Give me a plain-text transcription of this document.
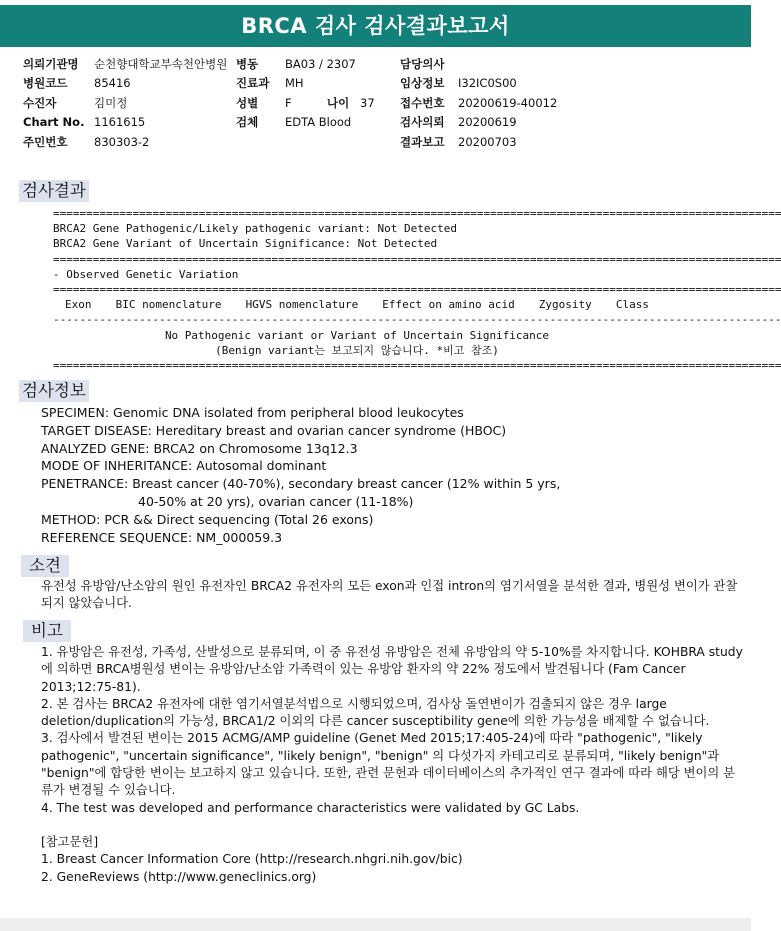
BRCA 검사 검사결과보고서
의뢰기관명 순천향대학교부속천안병원
병원코드 85416
수진자	김미정
Chart No. 1161615
주민번호 830303-2
병동 BA03 / 2307
진료과 MH
성별 F	나이 37
검체 EDTA Blood
담당의사
임상정보 I32IC0S00
접수번호 20200619-40012
검사의뢰 20200619
결과보고 20200703
검사결과
==============================================================================================================
BRCA2 Gene Pathogenic/Likely pathogenic variant: Not Detected
BRCA2 Gene Variant of Uncertain Significance: Not Detected
==============================================================================================================
- Observed Genetic Variation
==============================================================================================================
Exon BIC nomenclature HGVS nomenclature Effect on amino acid Zygosity Class
--------------------------------------------------------------------------------------------------------------
No Pathogenic variant or Variant of Uncertain Significance
(Benign variant는 보고되지 않습니다. *비고 참조)
==============================================================================================================
검사정보
SPECIMEN: Genomic DNA isolated from peripheral blood leukocytes
TARGET DISEASE: Hereditary breast and ovarian cancer syndrome (HBOC)
ANALYZED GENE: BRCA2 on Chromosome 13q12.3
MODE OF INHERITANCE: Autosomal dominant
PENETRANCE: Breast cancer (40-70%), secondary breast cancer (12% within 5 yrs,
40-50% at 20 yrs), ovarian cancer (11-18%)
METHOD: PCR && Direct sequencing (Total 26 exons)
REFERENCE SEQUENCE: NM_000059.3
소견
유전성 유방암/난소암의 원인 유전자인 BRCA2 유전자의 모든 exon과 인접 intron의 염기서열을 분석한 결과, 병원성 변이가 관찰되지 않았습니다.
비고
1. 유방암은 유전성, 가족성, 산발성으로 분류되며, 이 중 유전성 유방암은 전체 유방암의 약 5-10%를 차지합니다. KOHBRA study에 의하면 BRCA병원성 변이는 유방암/난소암 가족력이 있는 유방암 환자의 약 22% 정도에서 발견됩니다 (Fam Cancer 2013;12:75-81).
2. 본 검사는 BRCA2 유전자에 대한 염기서열분석법으로 시행되었으며, 검사상 돌연변이가 검출되지 않은 경우 large deletion/duplication의 가능성, BRCA1/2 이외의 다른 cancer susceptibility gene에 의한 가능성을 배제할 수 없습니다.
3. 검사에서 발견된 변이는 2015 ACMG/AMP guideline (Genet Med 2015;17:405-24)에 따라 "pathogenic", "likely pathogenic", "uncertain significance", "likely benign", "benign" 의 다섯가지 카테고리로 분류되며, "likely benign"과 "benign"에 합당한 변이는 보고하지 않고 있습니다. 또한, 관련 문헌과 데이터베이스의 추가적인 연구 결과에 따라 해당 변이의 분류가 변경될 수 있습니다.
4. The test was developed and performance characteristics were validated by GC Labs.
[참고문헌]
1. Breast Cancer Information Core (http://research.nhgri.nih.gov/bic)
2. GeneReviews (http://www.geneclinics.org)
